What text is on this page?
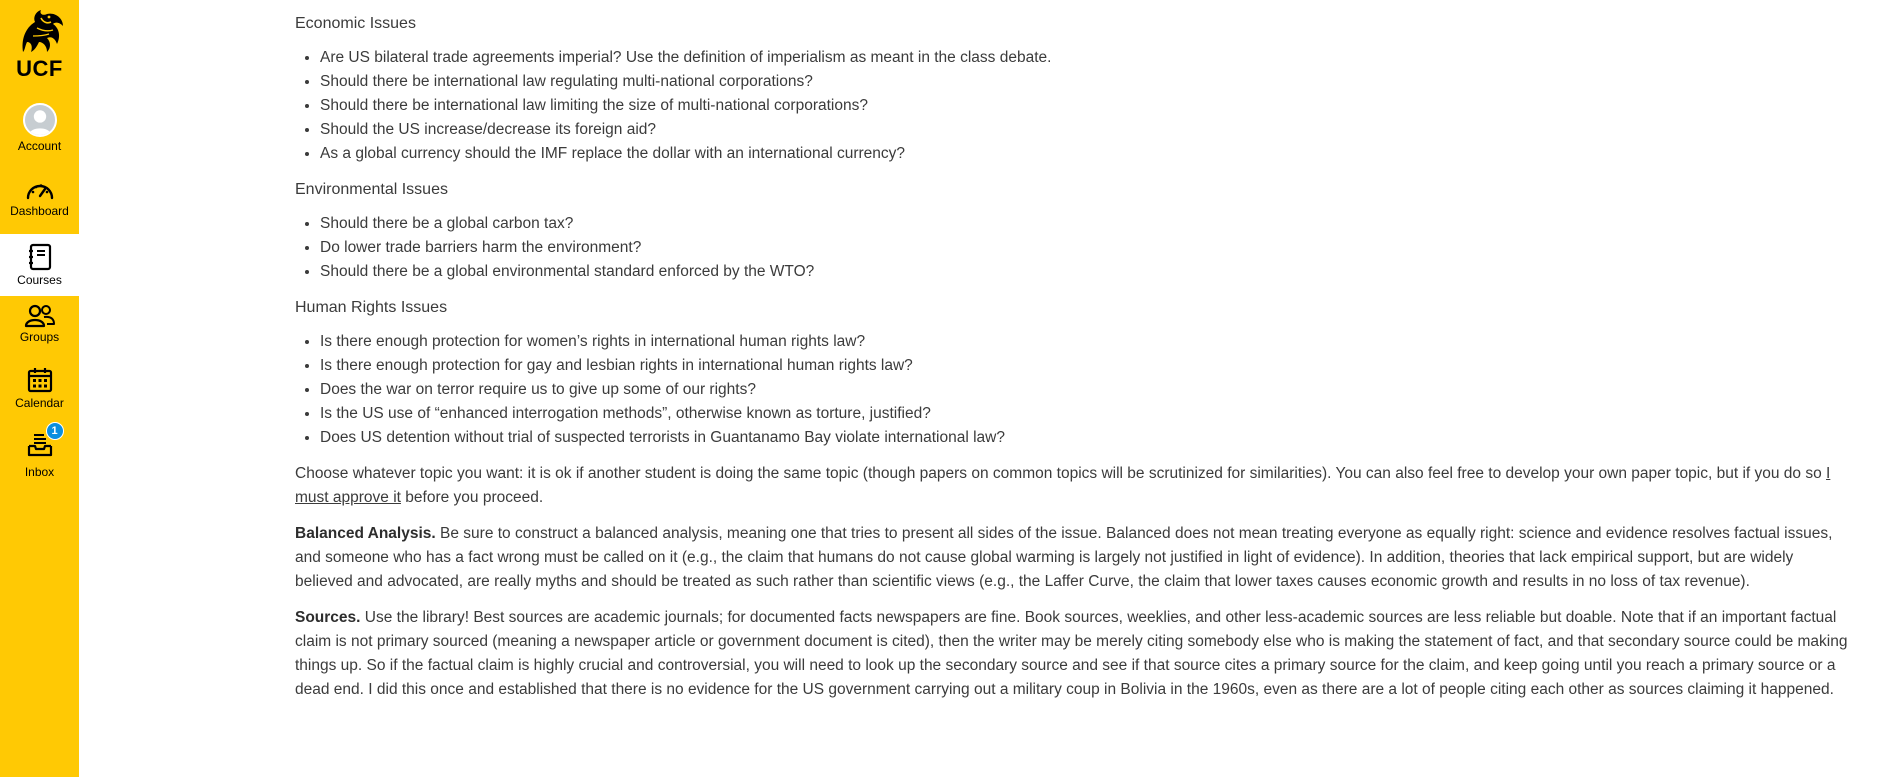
UCF
Account
Dashboard
Courses
Groups
Calendar
1
Inbox
Economic Issues
• Are US bilateral trade agreements imperial? Use the definition of imperialism as meant in the class debate.
• Should there be international law regulating multi-national corporations?
• Should there be international law limiting the size of multi-national corporations?
• Should the US increase/decrease its foreign aid?
• As a global currency should the IMF replace the dollar with an international currency?
Environmental Issues
• Should there be a global carbon tax?
• Do lower trade barriers harm the environment?
• Should there be a global environmental standard enforced by the WTO?
Human Rights Issues
• Is there enough protection for women’s rights in international human rights law?
• Is there enough protection for gay and lesbian rights in international human rights law?
• Does the war on terror require us to give up some of our rights?
• Is the US use of “enhanced interrogation methods”, otherwise known as torture, justified?
• Does US detention without trial of suspected terrorists in Guantanamo Bay violate international law?

Choose whatever topic you want: it is ok if another student is doing the same topic (though papers on common topics will be scrutinized for similarities). You can also feel free to develop your own paper topic, but if you do so I must approve it before you proceed.

Balanced Analysis. Be sure to construct a balanced analysis, meaning one that tries to present all sides of the issue. Balanced does not mean treating everyone as equally right: science and evidence resolves factual issues, and someone who has a fact wrong must be called on it (e.g., the claim that humans do not cause global warming is largely not justified in light of evidence). In addition, theories that lack empirical support, but are widely believed and advocated, are really myths and should be treated as such rather than scientific views (e.g., the Laffer Curve, the claim that lower taxes causes economic growth and results in no loss of tax revenue).

Sources. Use the library! Best sources are academic journals; for documented facts newspapers are fine. Book sources, weeklies, and other less-academic sources are less reliable but doable. Note that if an important factual claim is not primary sourced (meaning a newspaper article or government document is cited), then the writer may be merely citing somebody else who is making the statement of fact, and that secondary source could be making things up. So if the factual claim is highly crucial and controversial, you will need to look up the secondary source and see if that source cites a primary source for the claim, and keep going until you reach a primary source or a dead end. I did this once and established that there is no evidence for the US government carrying out a military coup in Bolivia in the 1960s, even as there are a lot of people citing each other as sources claiming it happened.
